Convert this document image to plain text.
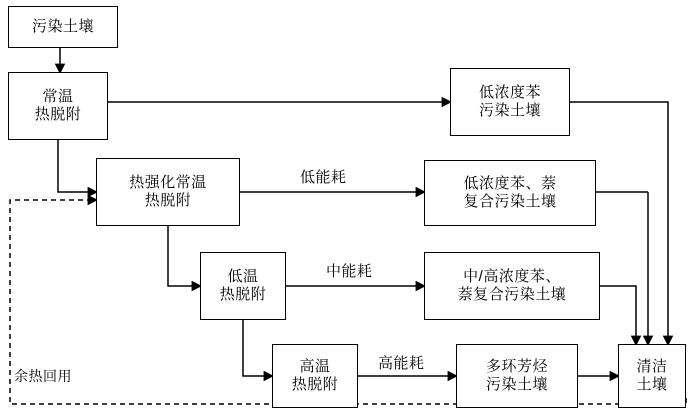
污染土壤
常温
热脱附
低浓度苯
污染土壤
热强化常温
热脱附
低浓度苯、萘
复合污染土壤
低温
热脱附
中/高浓度苯、
萘复合污染土壤
高温
热脱附
多环芳烃
污染土壤
清洁
土壤
低能耗
中能耗
高能耗
余热回用
